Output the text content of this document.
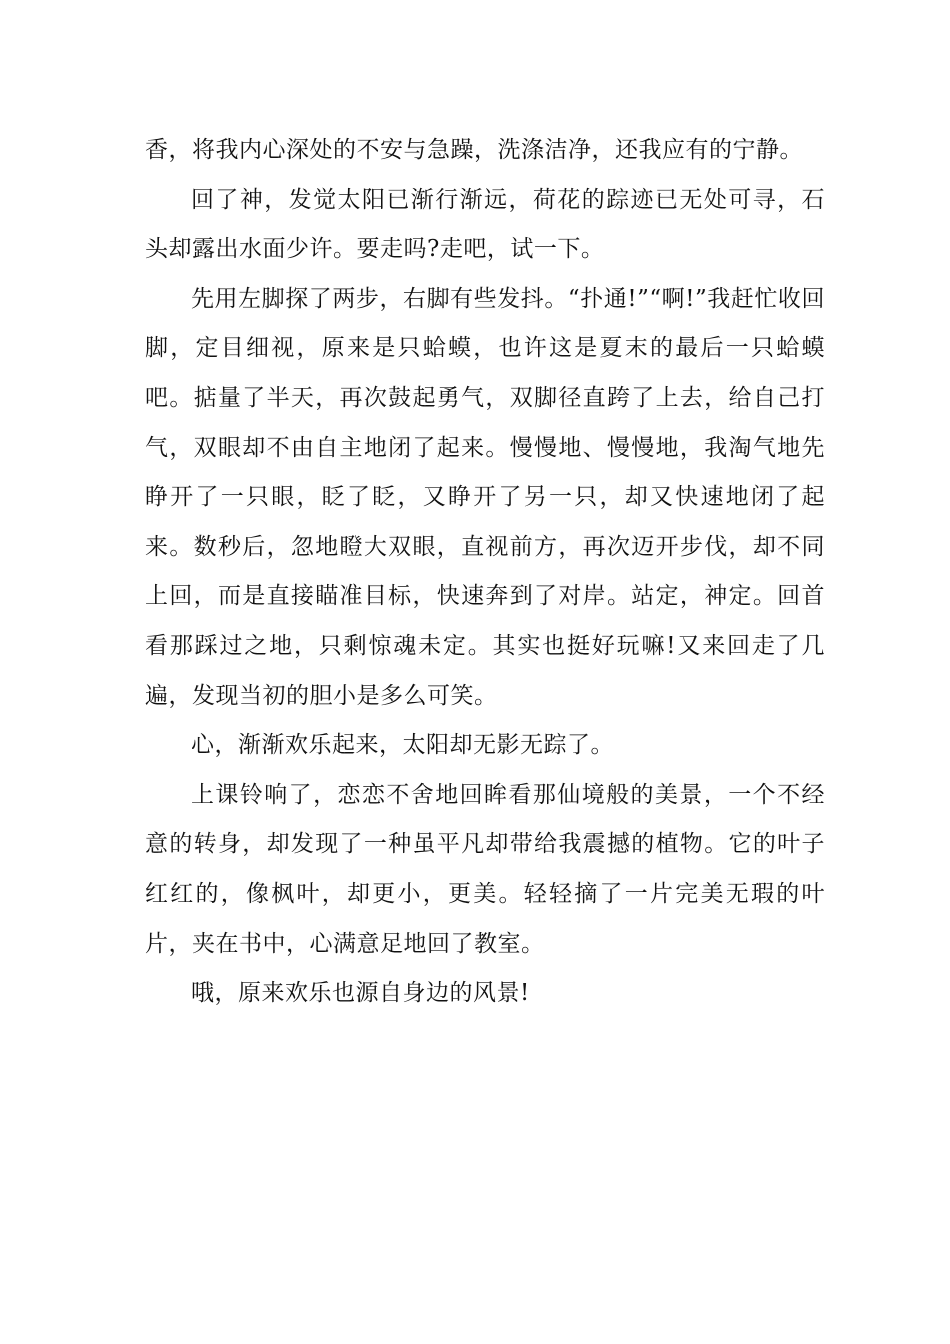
香，将我内心深处的不安与急躁，洗涤洁净，还我应有的宁静。

回了神，发觉太阳已渐行渐远，荷花的踪迹已无处可寻，石头却露出水面少许。要走吗?走吧，试一下。

先用左脚探了两步，右脚有些发抖。“扑通!”“啊!”我赶忙收回脚，定目细视，原来是只蛤蟆，也许这是夏末的最后一只蛤蟆吧。掂量了半天，再次鼓起勇气，双脚径直跨了上去，给自己打气，双眼却不由自主地闭了起来。慢慢地、慢慢地，我淘气地先睁开了一只眼，眨了眨，又睁开了另一只，却又快速地闭了起来。数秒后，忽地瞪大双眼，直视前方，再次迈开步伐，却不同上回，而是直接瞄准目标，快速奔到了对岸。站定，神定。回首看那踩过之地，只剩惊魂未定。其实也挺好玩嘛!又来回走了几遍，发现当初的胆小是多么可笑。

心，渐渐欢乐起来，太阳却无影无踪了。

上课铃响了，恋恋不舍地回眸看那仙境般的美景，一个不经意的转身，却发现了一种虽平凡却带给我震撼的植物。它的叶子红红的，像枫叶，却更小，更美。轻轻摘了一片完美无瑕的叶片，夹在书中，心满意足地回了教室。

哦，原来欢乐也源自身边的风景!
